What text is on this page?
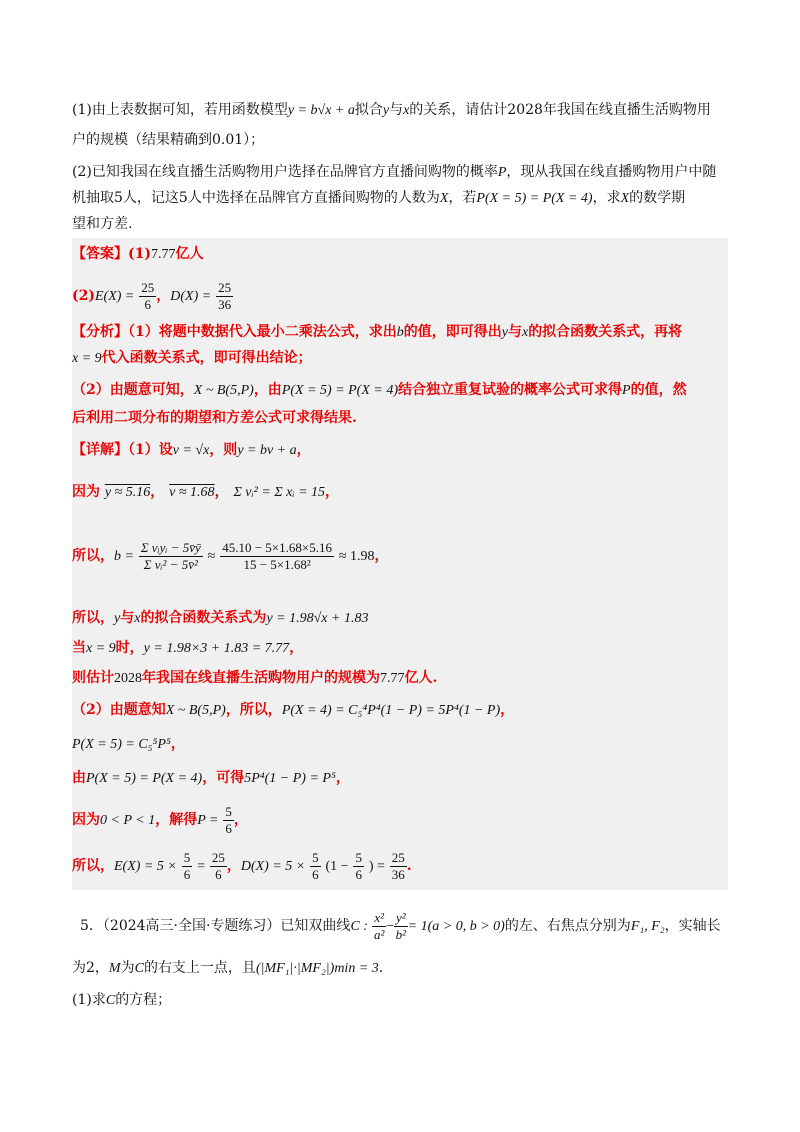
(1)由上表数据可知，若用函数模型y = b√x + a拟合y与x的关系，请估计2028年我国在线直播生活购物用
户的规模（结果精确到0.01）；
(2)已知我国在线直播生活购物用户选择在品牌官方直播间购物的概率P，现从我国在线直播购物用户中随
机抽取5人，记这5人中选择在品牌官方直播间购物的人数为X，若P(X = 5) = P(X = 4)，求X的数学期
望和方差.
【答案】(1)7.77亿人
$(2)E(X) = \frac{25}{6}$ ，$D(X) = \frac{25}{36}$
【分析】（1）将题中数据代入最小二乘法公式，求出b的值，即可得出y与x的拟合函数关系式，再将
x = 9代入函数关系式，即可得出结论；
（2）由题意可知，X ~ B(5,P)，由P(X = 5) = P(X = 4)结合独立重复试验的概率公式可求得P的值，然
后利用二项分布的期望和方差公式可求得结果.
【详解】（1）设v = √x，则y = bv + a，
因为 y ≈ 5.16， v ≈ 1.68， Σ vᵢ² = Σ xᵢ = 15，
所以，$b = \frac{\text{Σ vᵢyᵢ − 5v̄ȳ}}{\text{Σ vᵢ² − 5v̄²}} \approx \frac{45.10 - 5\times 1.68\times 5.16}{\text{15 − 5×1.68²}} \approx 1.98$，
所以，y与x的拟合函数关系式为y = 1.98√x + 1.83
当x = 9时，y = 1.98×3 + 1.83 = 7.77，
则估计2028年我国在线直播生活购物用户的规模为7.77亿人.
（2）由题意知X ~ B(5,P)，所以，P(X = 4) = C₅⁴P⁴(1 − P) = 5P⁴(1 − P)，
P(X = 5) = C₅⁵P⁵，
由P(X = 5) = P(X = 4)，可得5P⁴(1 − P) = P⁵，
因为0 < P < 1，解得$P = \frac{5}{6}$ ，
所以，$E(X) = 5 \times \frac{5}{6} = \frac{25}{6}$ ，$D(X) = 5 \times \frac{5}{6} (1 - \frac{5}{6}$ ) = $\frac{25}{36}$ .
5．（2024高三·全国·专题练习）已知双曲线C : $\frac{\text{x²}}{\text{a²}} - \frac{\text{y²}}{\text{b²}} = 1(a > 0$, b > 0)的左、右焦点分别为F₁, F₂，实轴长
为2，M为C的右支上一点，且(|MF₁|·|MF₂|)min = 3.
(1)求C的方程；
